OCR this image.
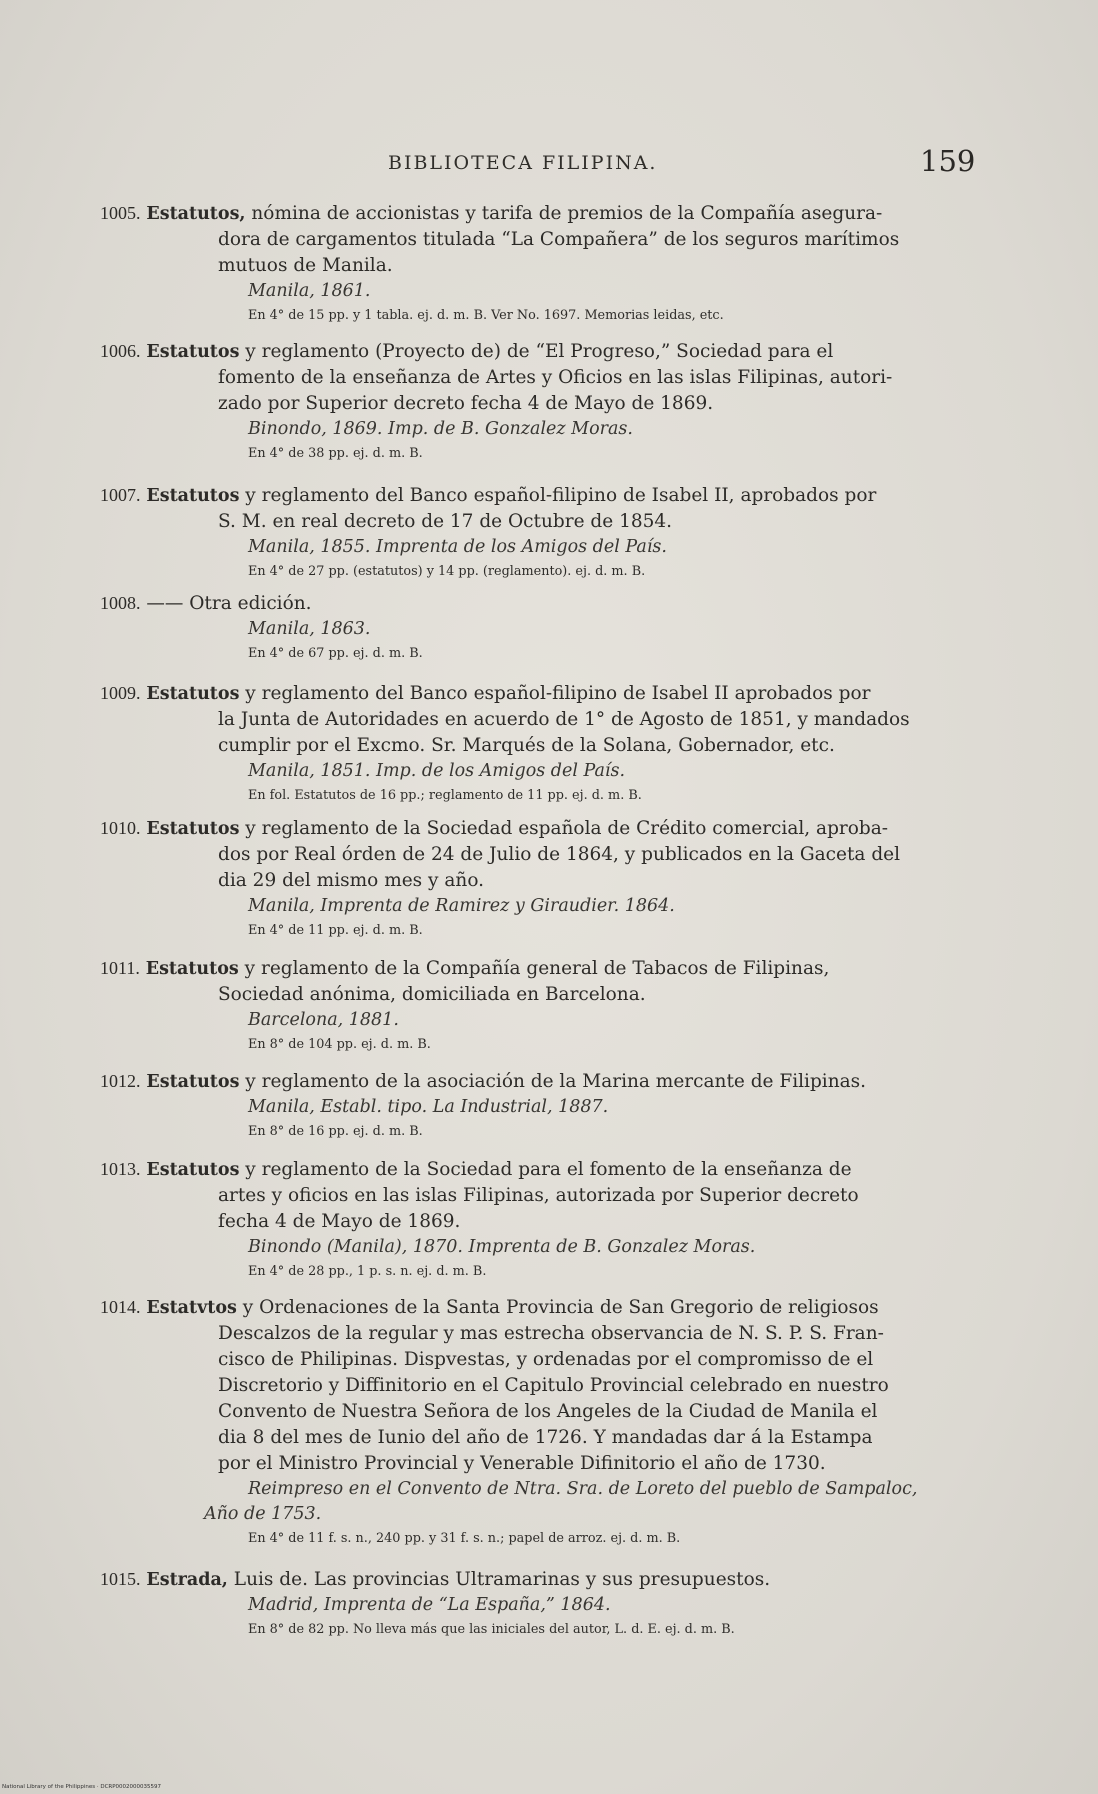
BIBLIOTECA FILIPINA.	159
1005. Estatutos, nómina de accionistas y tarifa de premios de la Compañía asegura-
dora de cargamentos titulada “La Compañera” de los seguros marítimos
mutuos de Manila.
Manila, 1861.
En 4° de 15 pp. y 1 tabla. ej. d. m. B. Ver No. 1697. Memorias leidas, etc.
1006. Estatutos y reglamento (Proyecto de) de “El Progreso,” Sociedad para el
fomento de la enseñanza de Artes y Oficios en las islas Filipinas, autori-
zado por Superior decreto fecha 4 de Mayo de 1869.
Binondo, 1869. Imp. de B. Gonzalez Moras.
En 4° de 38 pp. ej. d. m. B.
1007. Estatutos y reglamento del Banco español-filipino de Isabel II, aprobados por
S. M. en real decreto de 17 de Octubre de 1854.
Manila, 1855. Imprenta de los Amigos del País.
En 4° de 27 pp. (estatutos) y 14 pp. (reglamento). ej. d. m. B.
1008. —— Otra edición.
Manila, 1863.
En 4° de 67 pp. ej. d. m. B.
1009. Estatutos y reglamento del Banco español-filipino de Isabel II aprobados por
la Junta de Autoridades en acuerdo de 1° de Agosto de 1851, y mandados
cumplir por el Excmo. Sr. Marqués de la Solana, Gobernador, etc.
Manila, 1851. Imp. de los Amigos del País.
En fol. Estatutos de 16 pp.; reglamento de 11 pp. ej. d. m. B.
1010. Estatutos y reglamento de la Sociedad española de Crédito comercial, aproba-
dos por Real órden de 24 de Julio de 1864, y publicados en la Gaceta del
dia 29 del mismo mes y año.
Manila, Imprenta de Ramirez y Giraudier. 1864.
En 4° de 11 pp. ej. d. m. B.
1011. Estatutos y reglamento de la Compañía general de Tabacos de Filipinas,
Sociedad anónima, domiciliada en Barcelona.
Barcelona, 1881.
En 8° de 104 pp. ej. d. m. B.
1012. Estatutos y reglamento de la asociación de la Marina mercante de Filipinas.
Manila, Establ. tipo. La Industrial, 1887.
En 8° de 16 pp. ej. d. m. B.
1013. Estatutos y reglamento de la Sociedad para el fomento de la enseñanza de
artes y oficios en las islas Filipinas, autorizada por Superior decreto
fecha 4 de Mayo de 1869.
Binondo (Manila), 1870. Imprenta de B. Gonzalez Moras.
En 4° de 28 pp., 1 p. s. n. ej. d. m. B.
1014. Estatvtos y Ordenaciones de la Santa Provincia de San Gregorio de religiosos
Descalzos de la regular y mas estrecha observancia de N. S. P. S. Fran-
cisco de Philipinas. Dispvestas, y ordenadas por el compromisso de el
Discretorio y Diffinitorio en el Capitulo Provincial celebrado en nuestro
Convento de Nuestra Señora de los Angeles de la Ciudad de Manila el
dia 8 del mes de Iunio del año de 1726. Y mandadas dar á la Estampa
por el Ministro Provincial y Venerable Difinitorio el año de 1730.
Reimpreso en el Convento de Ntra. Sra. de Loreto del pueblo de Sampaloc,
Año de 1753.
En 4° de 11 f. s. n., 240 pp. y 31 f. s. n.; papel de arroz. ej. d. m. B.
1015. Estrada, Luis de. Las provincias Ultramarinas y sus presupuestos.
Madrid, Imprenta de “La España,” 1864.
En 8° de 82 pp. No lleva más que las iniciales del autor, L. d. E. ej. d. m. B.
National Library of the Philippines · DCRP0002000035597
